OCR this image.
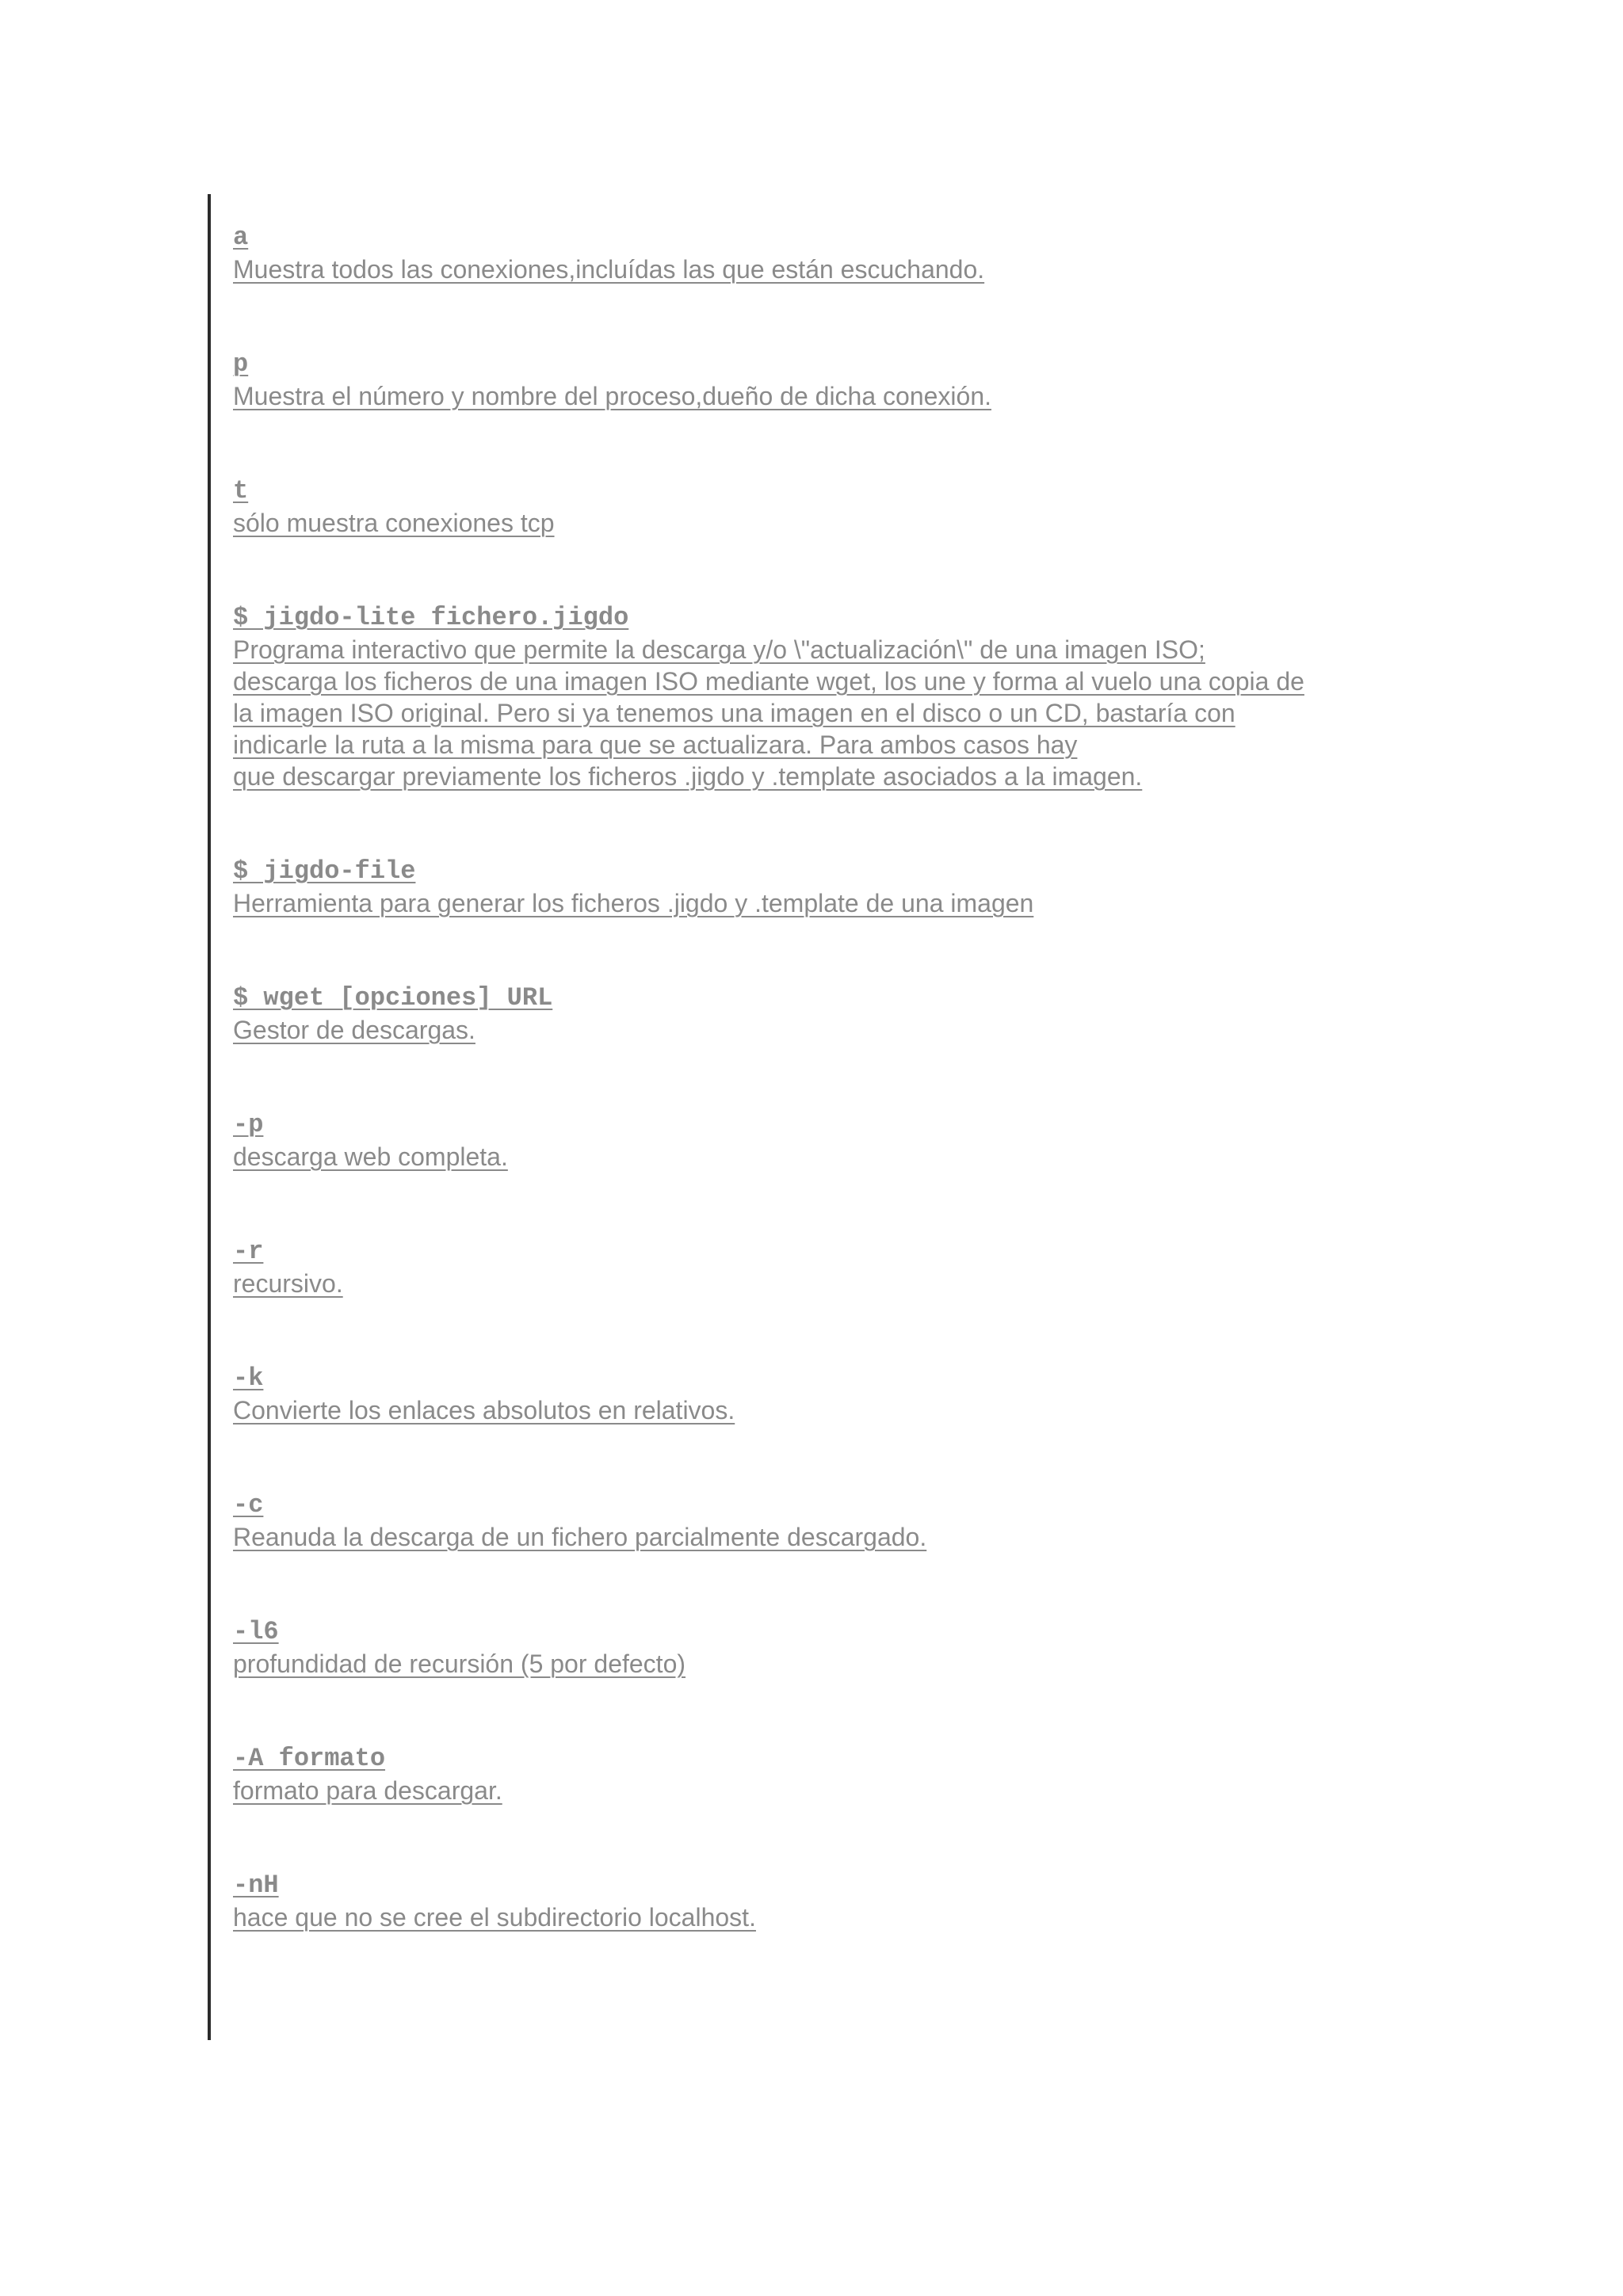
a

Muestra todos las conexiones,incluídas las que están escuchando.

p

Muestra el número y nombre del proceso,dueño de dicha conexión.

t

sólo muestra conexiones tcp

$ jigdo-lite fichero.jigdo

Programa interactivo que permite la descarga y/o \"actualización\" de una imagen ISO;
descarga los ficheros de una imagen ISO mediante wget, los une y forma al vuelo una copia de
la imagen ISO original. Pero si ya tenemos una imagen en el disco o un CD, bastaría con
indicarle la ruta a la misma para que se actualizara. Para ambos casos hay
que descargar previamente los ficheros .jigdo y .template asociados a la imagen.

$ jigdo-file

Herramienta para generar los ficheros .jigdo y .template de una imagen

$ wget [opciones] URL

Gestor de descargas.

-p

descarga web completa.

-r

recursivo.

-k

Convierte los enlaces absolutos en relativos.

-c

Reanuda la descarga de un fichero parcialmente descargado.

-l6

profundidad de recursión (5 por defecto)

-A formato

formato para descargar.

-nH

hace que no se cree el subdirectorio localhost.
